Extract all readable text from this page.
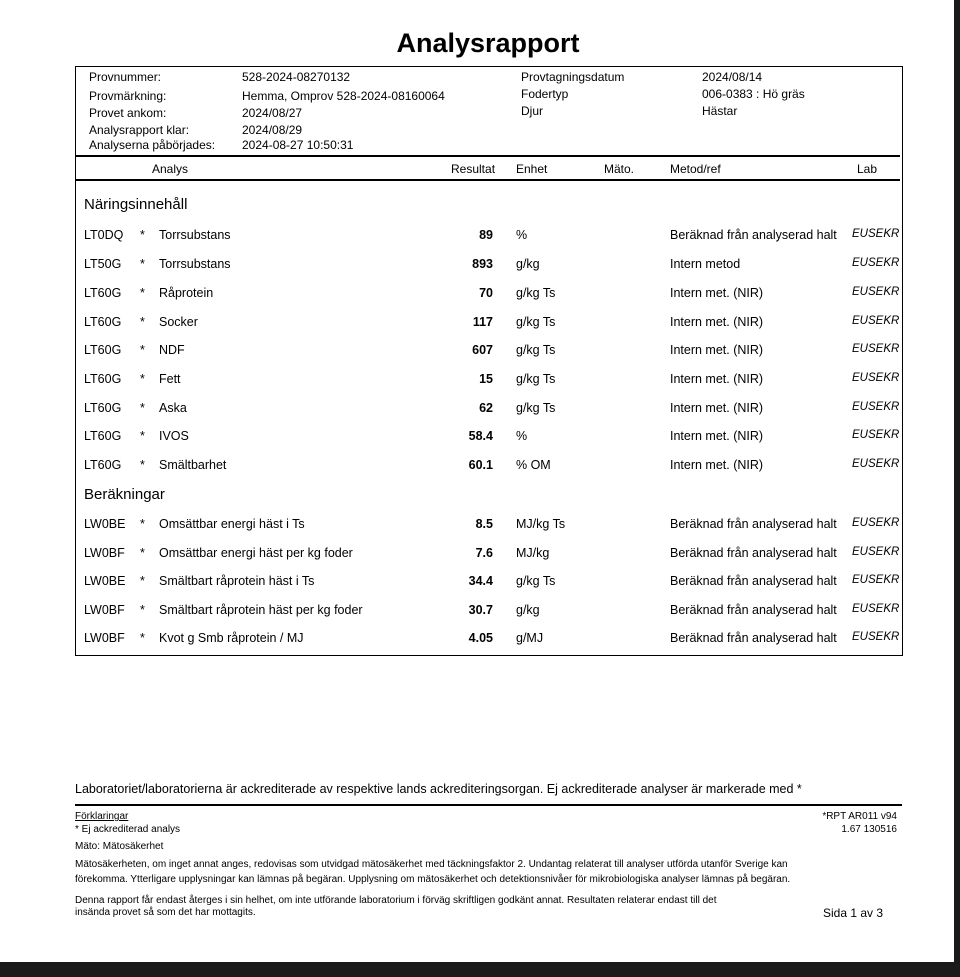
Analysrapport
Provnummer:	528-2024-08270132
Provmärkning:	Hemma, Omprov 528-2024-08160064
Provet ankom:	2024/08/27
Analysrapport klar:	2024/08/29
Analyserna påbörjades: 2024-08-27 10:50:31
Provtagningsdatum	2024/08/14
Fodertyp	006-0383 : Hö gräs
Djur	Hästar
Analys	Resultat Enhet	Mäto.	Metod/ref	Lab
Näringsinnehåll
LT0DQ * Torrsubstans	89 %	Beräknad från analyserad halt EUSEKR
LT50G * Torrsubstans	893 g/kg	Intern metod	EUSEKR
LT60G * Råprotein	70 g/kg Ts	Intern met. (NIR)	EUSEKR
LT60G * Socker	117 g/kg Ts	Intern met. (NIR)	EUSEKR
LT60G * NDF	607 g/kg Ts	Intern met. (NIR)	EUSEKR
LT60G * Fett	15 g/kg Ts	Intern met. (NIR)	EUSEKR
LT60G * Aska	62 g/kg Ts	Intern met. (NIR)	EUSEKR
LT60G * IVOS	58.4 %	Intern met. (NIR)	EUSEKR
LT60G * Smältbarhet	60.1 % OM	Intern met. (NIR)	EUSEKR
Beräkningar
LW0BE * Omsättbar energi häst i Ts	8.5 MJ/kg Ts	Beräknad från analyserad halt EUSEKR
LW0BF * Omsättbar energi häst per kg foder	7.6 MJ/kg	Beräknad från analyserad halt EUSEKR
LW0BE * Smältbart råprotein häst i Ts	34.4 g/kg Ts	Beräknad från analyserad halt EUSEKR
LW0BF * Smältbart råprotein häst per kg foder	30.7 g/kg	Beräknad från analyserad halt EUSEKR
LW0BF * Kvot g Smb råprotein / MJ	4.05 g/MJ	Beräknad från analyserad halt EUSEKR
Laboratoriet/laboratorierna är ackrediterade av respektive lands ackrediteringsorgan. Ej ackrediterade analyser är markerade med *
Förklaringar
* Ej ackrediterad analys
Mäto: Mätosäkerhet
Mätosäkerheten, om inget annat anges, redovisas som utvidgad mätosäkerhet med täckningsfaktor 2. Undantag relaterat till analyser utförda utanför Sverige kan
förekomma. Ytterligare upplysningar kan lämnas på begäran. Upplysning om mätosäkerhet och detektionsnivåer för mikrobiologiska analyser lämnas på begäran.
Denna rapport får endast återges i sin helhet, om inte utförande laboratorium i förväg skriftligen godkänt annat. Resultaten relaterar endast till det
insända provet så som det har mottagits.
*RPT AR011 v94
1.67 130516
Sida 1 av 3
